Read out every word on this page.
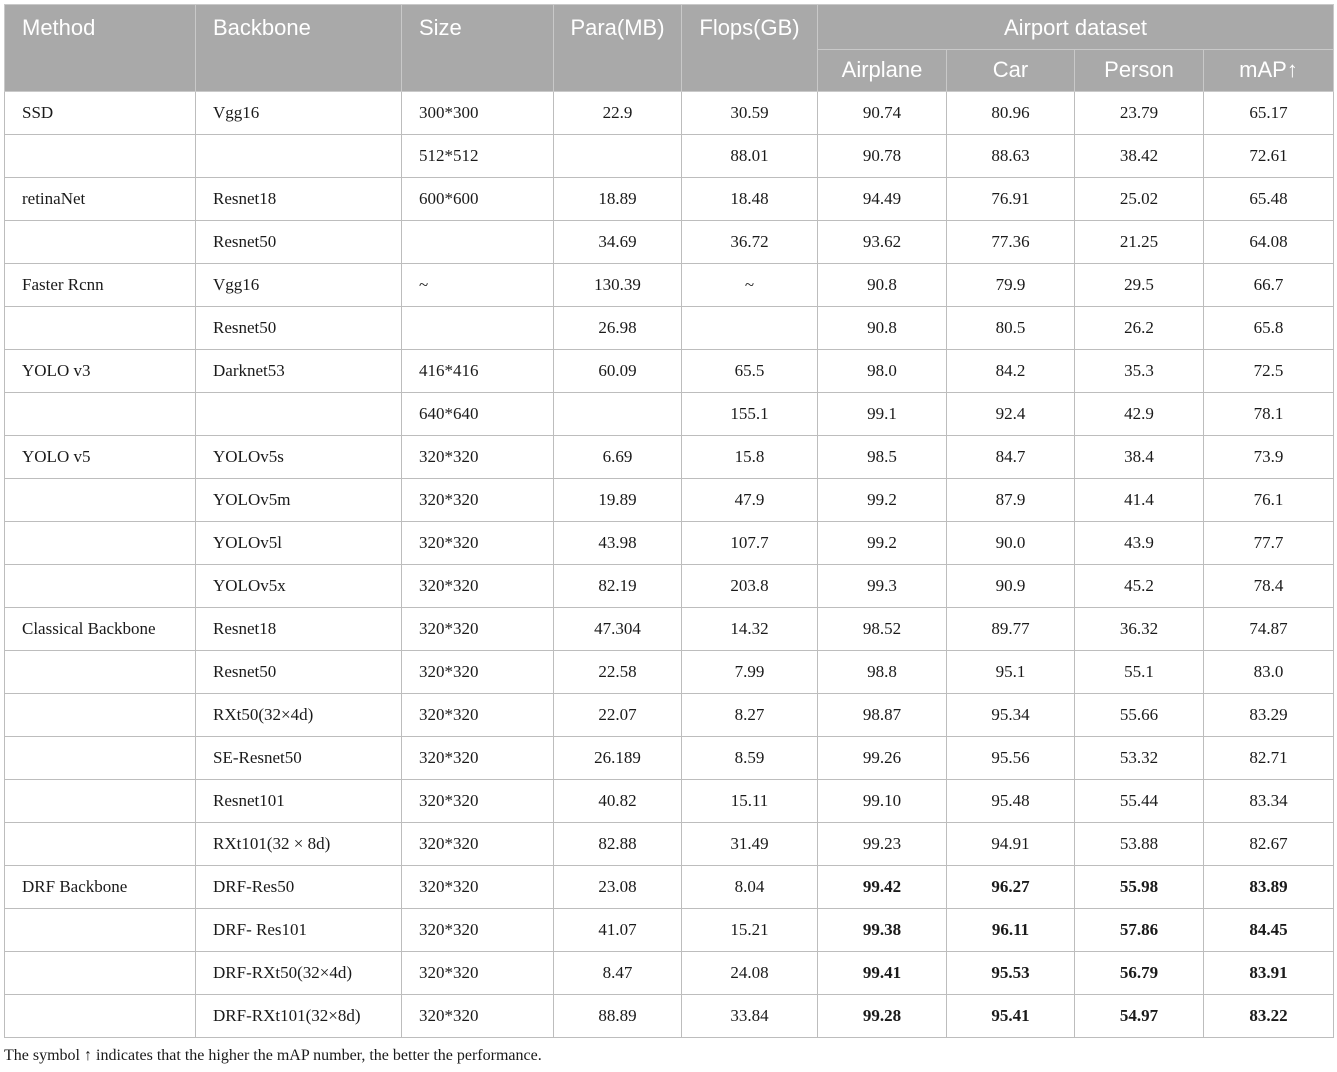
Method	Backbone	Size	Para(MB)	Flops(GB)	Airport dataset			
					Airplane	Car	Person	mAP↑
SSD	Vgg16	300*300	22.9	30.59	90.74	80.96	23.79	65.17
		512*512		88.01	90.78	88.63	38.42	72.61
retinaNet	Resnet18	600*600	18.89	18.48	94.49	76.91	25.02	65.48
	Resnet50		34.69	36.72	93.62	77.36	21.25	64.08
Faster Rcnn	Vgg16	~	130.39	~	90.8	79.9	29.5	66.7
	Resnet50		26.98		90.8	80.5	26.2	65.8
YOLO v3	Darknet53	416*416	60.09	65.5	98.0	84.2	35.3	72.5
		640*640		155.1	99.1	92.4	42.9	78.1
YOLO v5	YOLOv5s	320*320	6.69	15.8	98.5	84.7	38.4	73.9
	YOLOv5m	320*320	19.89	47.9	99.2	87.9	41.4	76.1
	YOLOv5l	320*320	43.98	107.7	99.2	90.0	43.9	77.7
	YOLOv5x	320*320	82.19	203.8	99.3	90.9	45.2	78.4
Classical Backbone	Resnet18	320*320	47.304	14.32	98.52	89.77	36.32	74.87
	Resnet50	320*320	22.58	7.99	98.8	95.1	55.1	83.0
	RXt50(32×4d)	320*320	22.07	8.27	98.87	95.34	55.66	83.29
	SE-Resnet50	320*320	26.189	8.59	99.26	95.56	53.32	82.71
	Resnet101	320*320	40.82	15.11	99.10	95.48	55.44	83.34
	RXt101(32 × 8d)	320*320	82.88	31.49	99.23	94.91	53.88	82.67
DRF Backbone	DRF-Res50	320*320	23.08	8.04	99.42	96.27	55.98	83.89
	DRF- Res101	320*320	41.07	15.21	99.38	96.11	57.86	84.45
	DRF-RXt50(32×4d)	320*320	8.47	24.08	99.41	95.53	56.79	83.91
	DRF-RXt101(32×8d)	320*320	88.89	33.84	99.28	95.41	54.97	83.22

The symbol ↑ indicates that the higher the mAP number, the better the performance.
